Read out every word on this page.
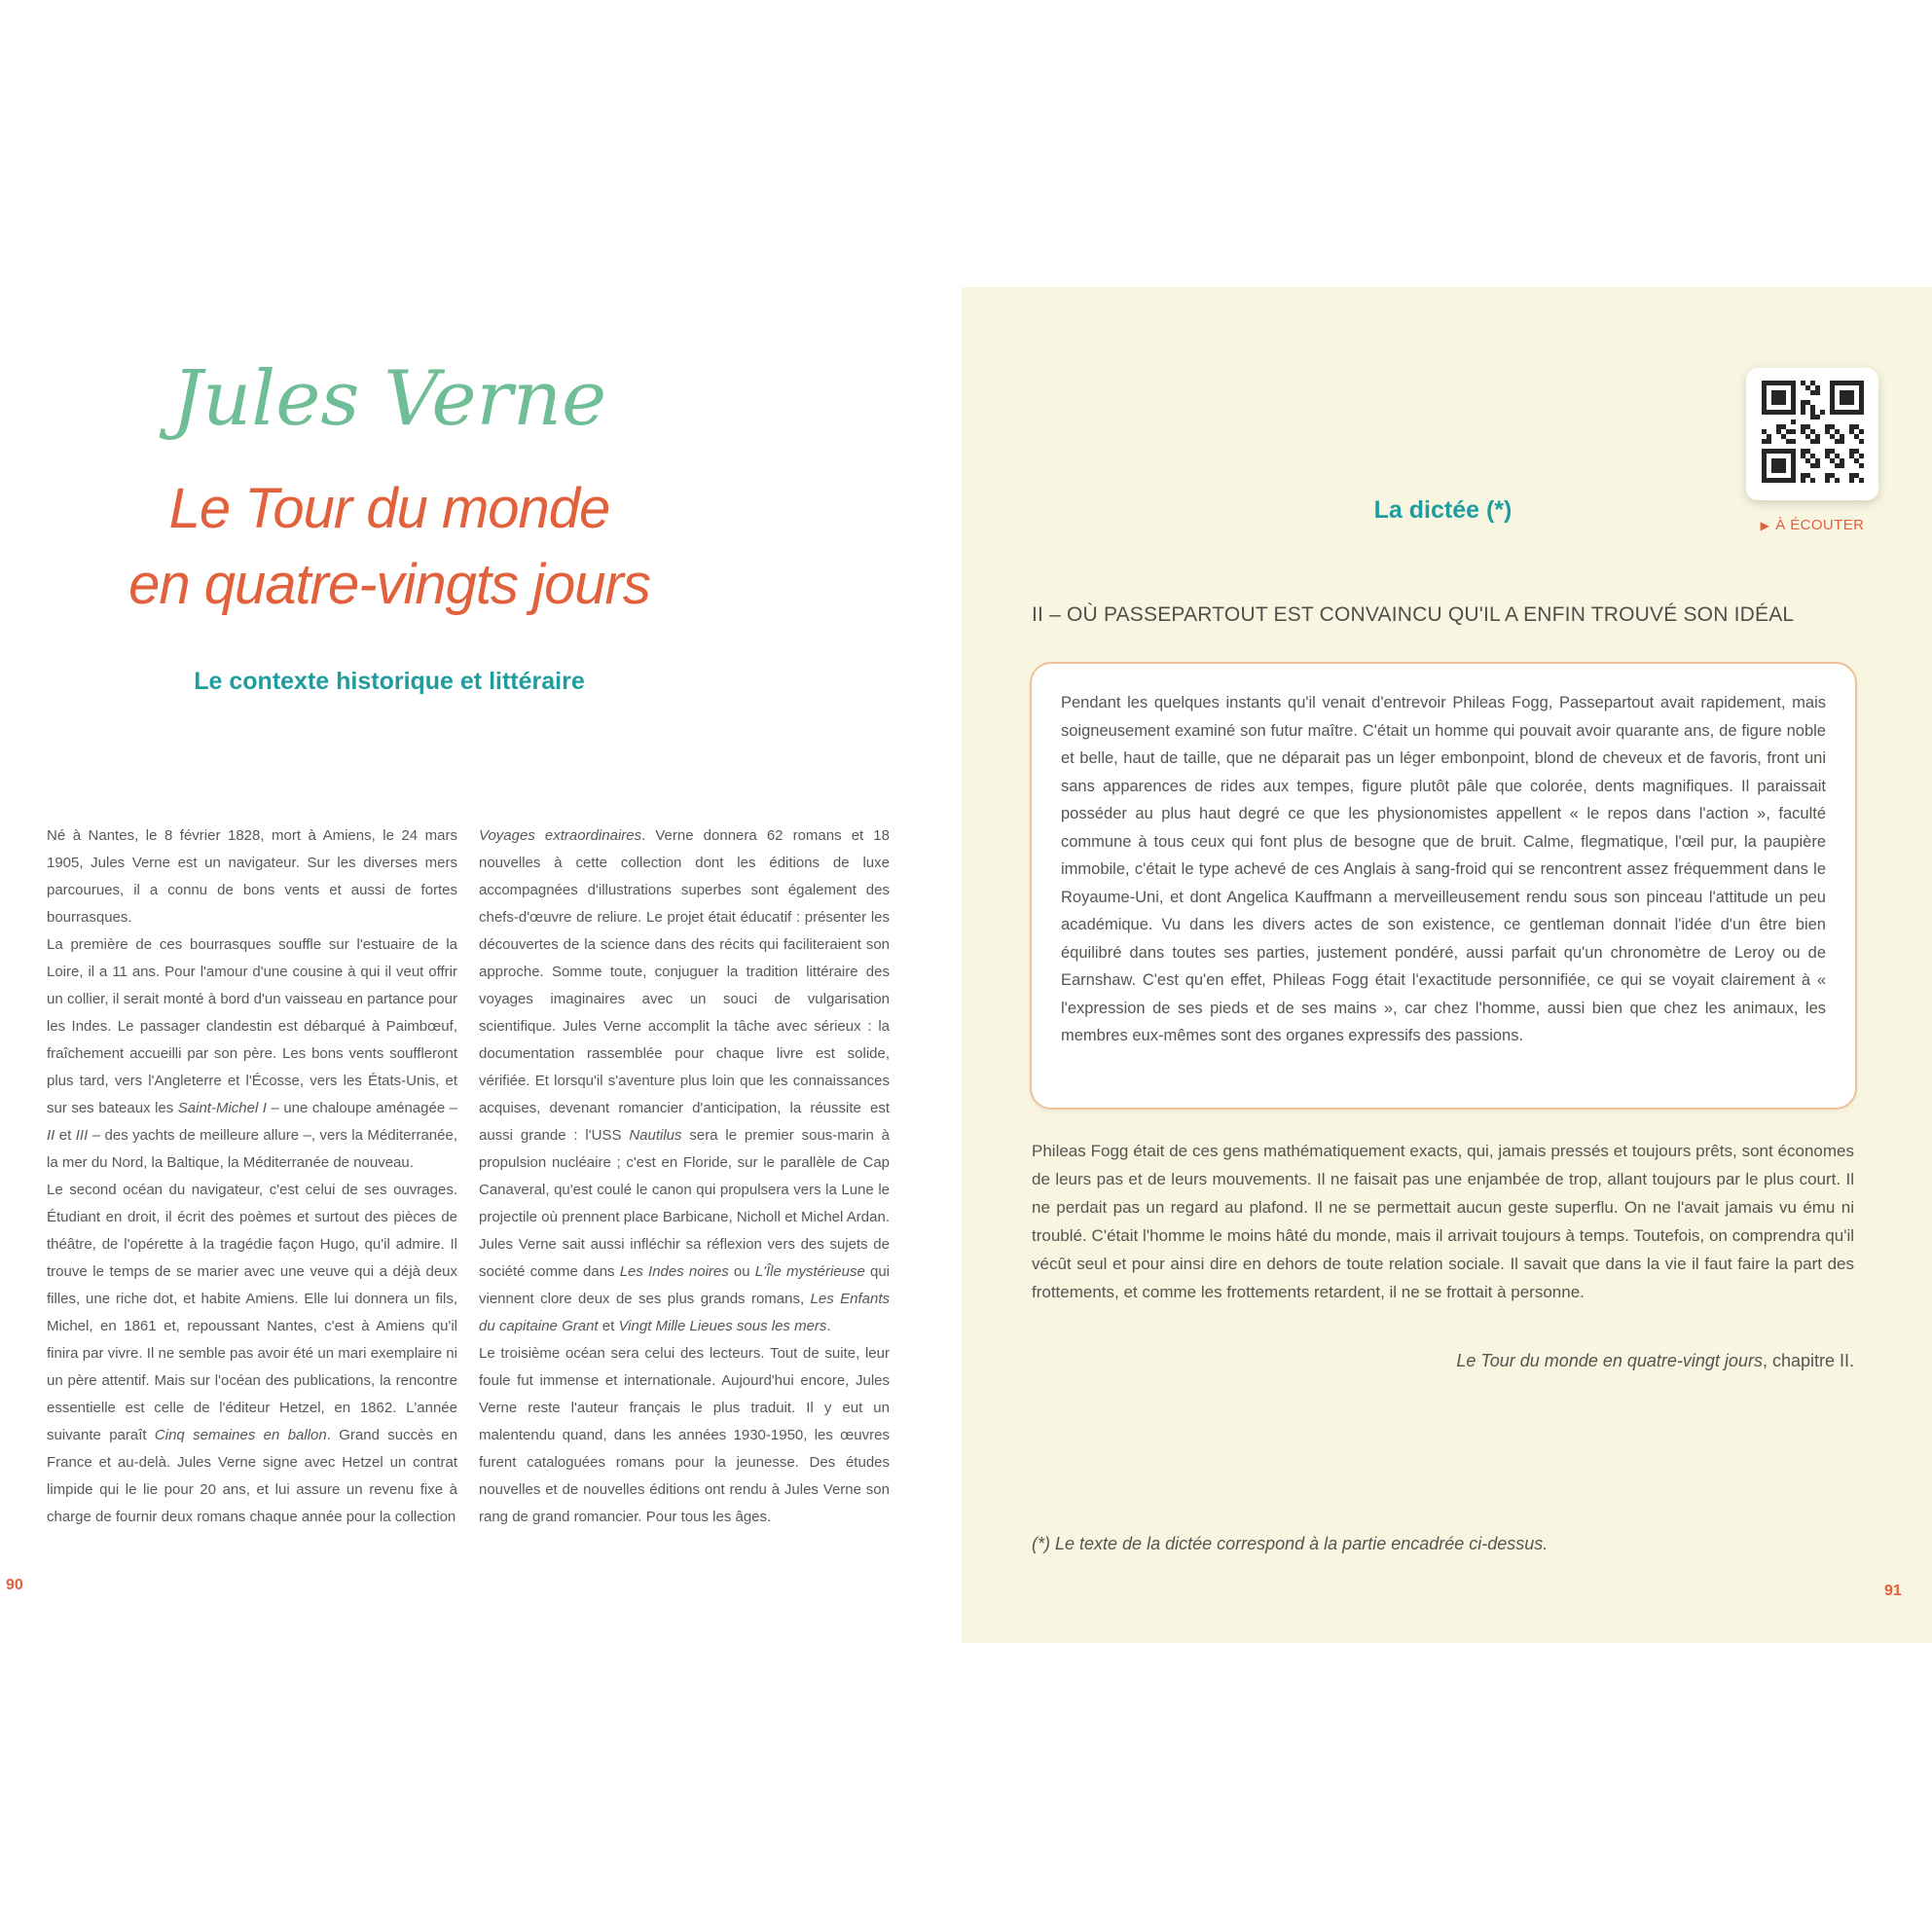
Jules Verne
Le Tour du monde
en quatre-vingts jours
Le contexte historique et littéraire

Né à Nantes, le 8 février 1828, mort à Amiens, le 24 mars 1905, Jules Verne est un navigateur. Sur les diverses mers parcourues, il a connu de bons vents et aussi de fortes bourrasques.

La première de ces bourrasques souffle sur l'estuaire de la Loire, il a 11 ans. Pour l'amour d'une cousine à qui il veut offrir un collier, il serait monté à bord d'un vaisseau en partance pour les Indes. Le passager clandestin est débarqué à Paimbœuf, fraîchement accueilli par son père. Les bons vents souffleront plus tard, vers l'Angleterre et l'Écosse, vers les États-Unis, et sur ses bateaux les Saint-Michel I – une chaloupe aménagée – II et III – des yachts de meilleure allure –, vers la Méditerranée, la mer du Nord, la Baltique, la Méditerranée de nouveau.

Le second océan du navigateur, c'est celui de ses ouvrages. Étudiant en droit, il écrit des poèmes et surtout des pièces de théâtre, de l'opérette à la tragédie façon Hugo, qu'il admire. Il trouve le temps de se marier avec une veuve qui a déjà deux filles, une riche dot, et habite Amiens. Elle lui donnera un fils, Michel, en 1861 et, repoussant Nantes, c'est à Amiens qu'il finira par vivre. Il ne semble pas avoir été un mari exemplaire ni un père attentif. Mais sur l'océan des publications, la rencontre essentielle est celle de l'éditeur Hetzel, en 1862. L'année suivante paraît Cinq semaines en ballon. Grand succès en France et au-delà. Jules Verne signe avec Hetzel un contrat limpide qui le lie pour 20 ans, et lui assure un revenu fixe à charge de fournir deux romans chaque année pour la collection

Voyages extraordinaires. Verne donnera 62 romans et 18 nouvelles à cette collection dont les éditions de luxe accompagnées d'illustrations superbes sont également des chefs-d'œuvre de reliure. Le projet était éducatif : présenter les découvertes de la science dans des récits qui faciliteraient son approche. Somme toute, conjuguer la tradition littéraire des voyages imaginaires avec un souci de vulgarisation scientifique. Jules Verne accomplit la tâche avec sérieux : la documentation rassemblée pour chaque livre est solide, vérifiée. Et lorsqu'il s'aventure plus loin que les connaissances acquises, devenant romancier d'anticipation, la réussite est aussi grande : l'USS Nautilus sera le premier sous-marin à propulsion nucléaire ; c'est en Floride, sur le parallèle de Cap Canaveral, qu'est coulé le canon qui propulsera vers la Lune le projectile où prennent place Barbicane, Nicholl et Michel Ardan. Jules Verne sait aussi infléchir sa réflexion vers des sujets de société comme dans Les Indes noires ou L'Île mystérieuse qui viennent clore deux de ses plus grands romans, Les Enfants du capitaine Grant et Vingt Mille Lieues sous les mers.

Le troisième océan sera celui des lecteurs. Tout de suite, leur foule fut immense et internationale. Aujourd'hui encore, Jules Verne reste l'auteur français le plus traduit. Il y eut un malentendu quand, dans les années 1930-1950, les œuvres furent cataloguées romans pour la jeunesse. Des études nouvelles et de nouvelles éditions ont rendu à Jules Verne son rang de grand romancier. Pour tous les âges.

90
▶ À ÉCOUTER
La dictée (*)
II – OÙ PASSEPARTOUT EST CONVAINCU QU'IL A ENFIN TROUVÉ SON IDÉAL

Pendant les quelques instants qu'il venait d'entrevoir Phileas Fogg, Passepartout avait rapidement, mais soigneusement examiné son futur maître. C'était un homme qui pouvait avoir quarante ans, de figure noble et belle, haut de taille, que ne déparait pas un léger embonpoint, blond de cheveux et de favoris, front uni sans apparences de rides aux tempes, figure plutôt pâle que colorée, dents magnifiques. Il paraissait posséder au plus haut degré ce que les physionomistes appellent « le repos dans l'action », faculté commune à tous ceux qui font plus de besogne que de bruit. Calme, flegmatique, l'œil pur, la paupière immobile, c'était le type achevé de ces Anglais à sang-froid qui se rencontrent assez fréquemment dans le Royaume-Uni, et dont Angelica Kauffmann a merveilleusement rendu sous son pinceau l'attitude un peu académique. Vu dans les divers actes de son existence, ce gentleman donnait l'idée d'un être bien équilibré dans toutes ses parties, justement pondéré, aussi parfait qu'un chronomètre de Leroy ou de Earnshaw. C'est qu'en effet, Phileas Fogg était l'exactitude personnifiée, ce qui se voyait clairement à « l'expression de ses pieds et de ses mains », car chez l'homme, aussi bien que chez les animaux, les membres eux-mêmes sont des organes expressifs des passions.

Phileas Fogg était de ces gens mathématiquement exacts, qui, jamais pressés et toujours prêts, sont économes de leurs pas et de leurs mouvements. Il ne faisait pas une enjambée de trop, allant toujours par le plus court. Il ne perdait pas un regard au plafond. Il ne se permettait aucun geste superflu. On ne l'avait jamais vu ému ni troublé. C'était l'homme le moins hâté du monde, mais il arrivait toujours à temps. Toutefois, on comprendra qu'il vécût seul et pour ainsi dire en dehors de toute relation sociale. Il savait que dans la vie il faut faire la part des frottements, et comme les frottements retardent, il ne se frottait à personne.
Le Tour du monde en quatre-vingt jours, chapitre II.
(*) Le texte de la dictée correspond à la partie encadrée ci-dessus.
91
